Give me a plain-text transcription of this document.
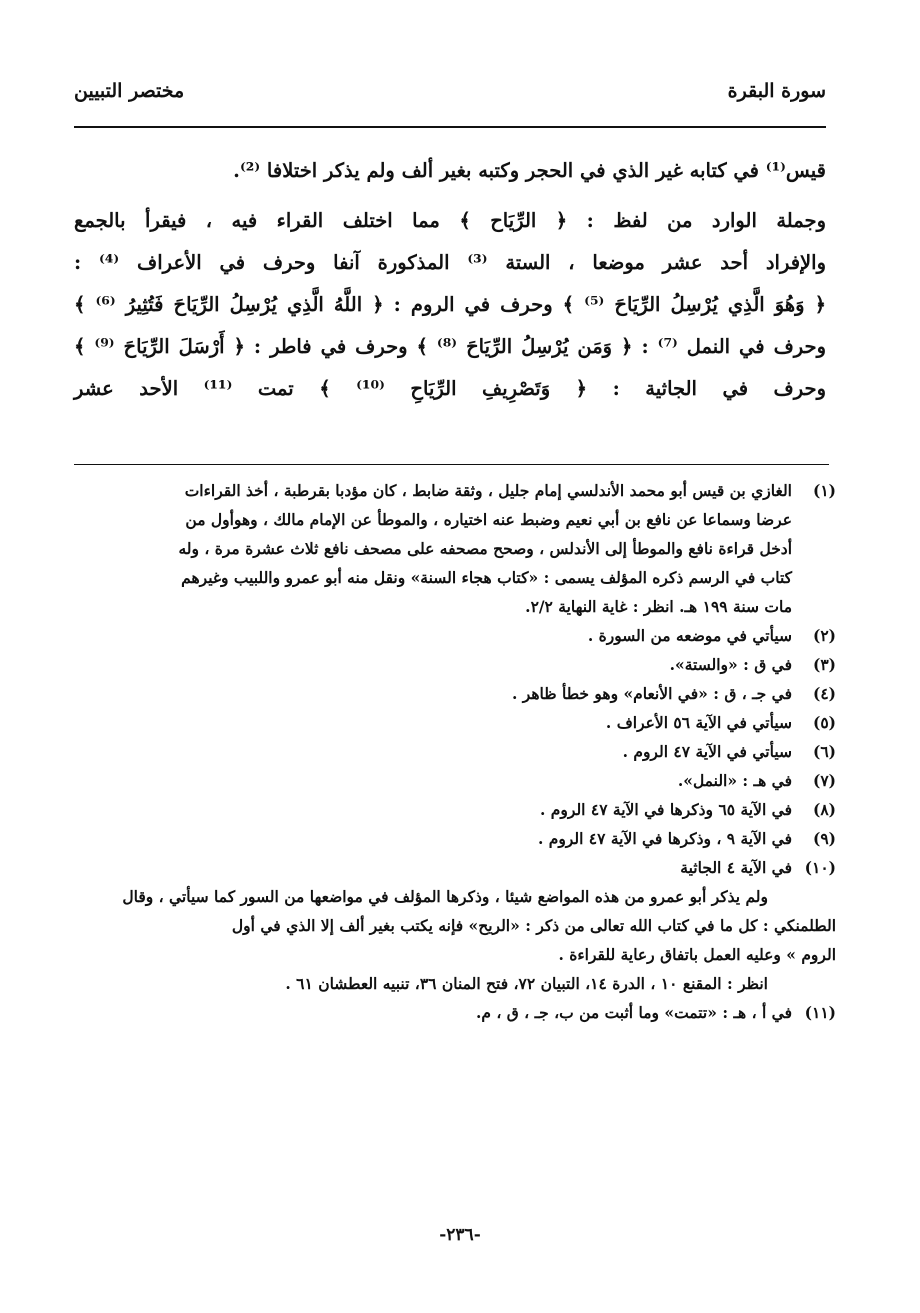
سورة البقرة
مختصر التبيين
قيس⁽¹⁾ في كتابه غير الذي في الحجر وكتبه بغير ألف ولم يذكر اختلافا ⁽²⁾.
وجملة الوارد من لفظ : ﴿ الرِّيَاح ﴾ مما اختلف القراء فيه ، فيقرأ بالجمع
والإفراد أحد عشر موضعا ، الستة ⁽³⁾ المذكورة آنفا وحرف في الأعراف ⁽⁴⁾ :
﴿ وَهُوَ الَّذِي يُرْسِلُ الرِّيَاحَ ⁽⁵⁾ ﴾ وحرف في الروم : ﴿ اللَّهُ الَّذِي يُرْسِلُ الرِّيَاحَ فَتُثِيرُ ⁽⁶⁾ ﴾
وحرف في النمل ⁽⁷⁾ : ﴿ وَمَن يُرْسِلُ الرِّيَاحَ ⁽⁸⁾ ﴾ وحرف في فاطر : ﴿ أَرْسَلَ الرِّيَاحَ ⁽⁹⁾ ﴾
وحرف في الجاثية : ﴿ وَتَصْرِيفِ الرِّيَاحِ ⁽¹⁰⁾ ﴾ تمت ⁽¹¹⁾ الأحد عشر
(١)
الغازي بن قيس أبو محمد الأندلسي إمام جليل ، وثقة ضابط ، كان مؤدبا بقرطبة ، أخذ القراءات
عرضا وسماعا عن نافع بن أبي نعيم وضبط عنه اختياره ، والموطأ عن الإمام مالك ، وهوأول من
أدخل قراءة نافع والموطأ إلى الأندلس ، وصحح مصحفه على مصحف نافع ثلاث عشرة مرة ، وله
كتاب في الرسم ذكره المؤلف يسمى : «كتاب هجاء السنة» ونقل منه أبو عمرو واللبيب وغيرهم
مات سنة ١٩٩ هـ. انظر : غاية النهاية ٢/٢.
(٢)
سيأتي في موضعه من السورة .
(٣)
في ق : «والستة».
(٤)
في جـ ، ق : «في الأنعام» وهو خطأ ظاهر .
(٥)
سيأتي في الآية ٥٦ الأعراف .
(٦)
سيأتي في الآية ٤٧ الروم .
(٧)
في هـ : «النمل».
(٨)
في الآية ٦٥ وذكرها في الآية ٤٧ الروم .
(٩)
في الآية ٩ ، وذكرها في الآية ٤٧ الروم .
(١٠)
في الآية ٤ الجاثية
ولم يذكر أبو عمرو من هذه المواضع شيئا ، وذكرها المؤلف في مواضعها من السور كما سيأتي ، وقال
الطلمنكي : كل ما في كتاب الله تعالى من ذكر : «الريح» فإنه يكتب بغير ألف إلا الذي في أول
الروم » وعليه العمل باتفاق رعاية للقراءة .
انظر : المقنع ١٠ ، الدرة ١٤، التبيان ٧٢، فتح المنان ٣٦، تنبيه العطشان ٦١ .
(١١)
في أ ، هـ : «تتمت» وما أثبت من ب، جـ ، ق ، م.
-٢٣٦-
